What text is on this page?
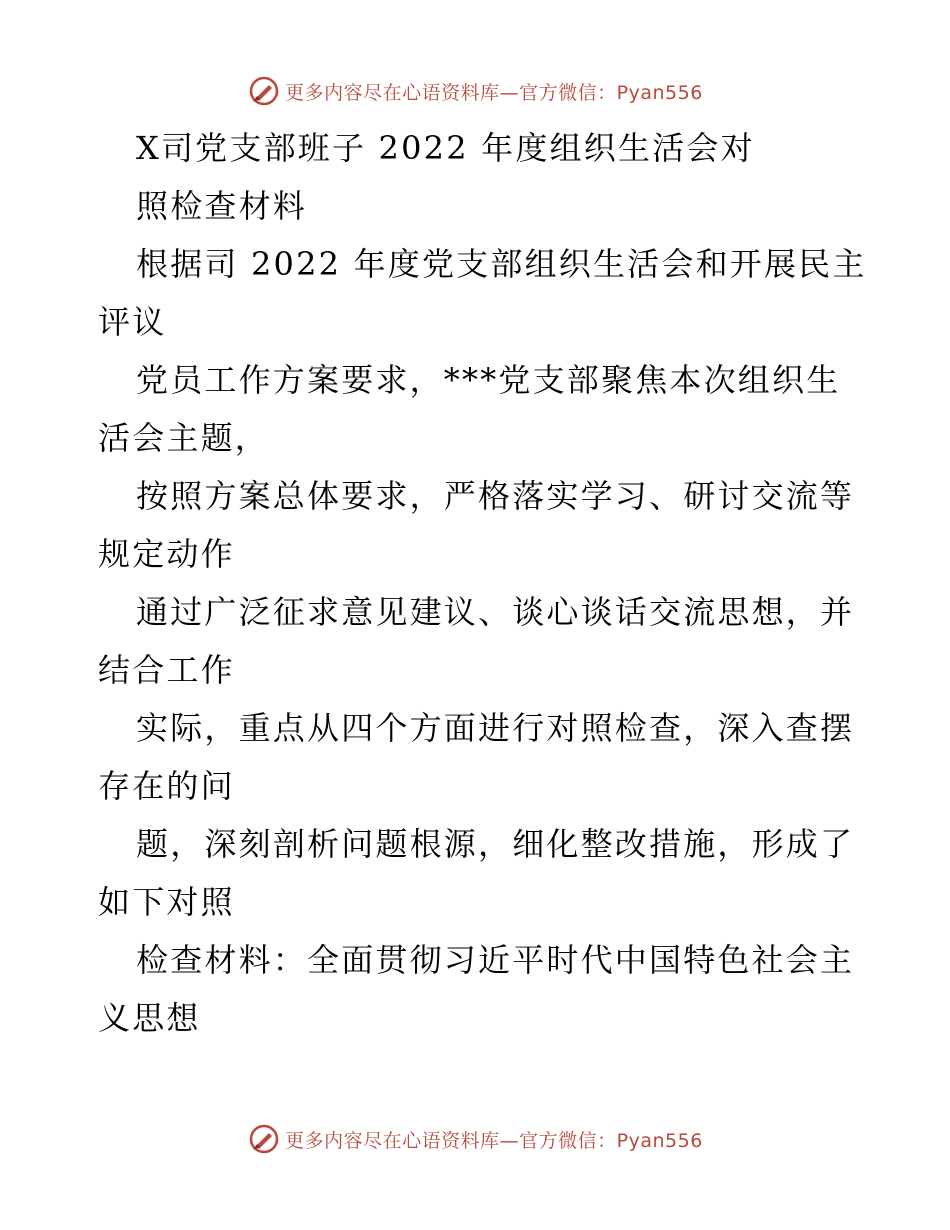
更多内容尽在心语资料库—官方微信：Pyan556
X司党支部班子 2022 年度组织生活会对
照检查材料
根据司 2022 年度党支部组织生活会和开展民主
评议
党员工作方案要求，***党支部聚焦本次组织生
活会主题，
按照方案总体要求，严格落实学习、研讨交流等
规定动作
通过广泛征求意见建议、谈心谈话交流思想，并
结合工作
实际，重点从四个方面进行对照检查，深入查摆
存在的问
题，深刻剖析问题根源，细化整改措施，形成了
如下对照
检查材料：全面贯彻习近平时代中国特色社会主
义思想
更多内容尽在心语资料库—官方微信：Pyan556
